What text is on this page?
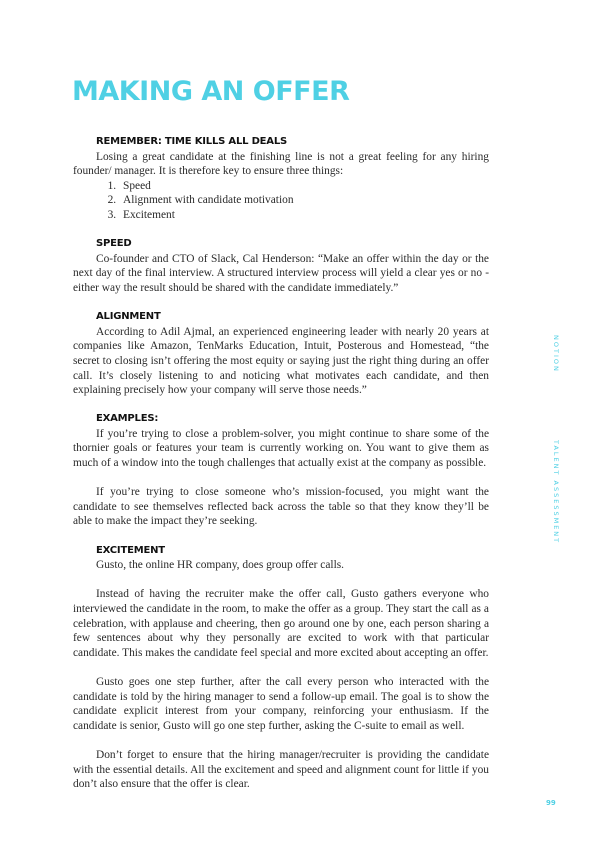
MAKING AN OFFER
REMEMBER: TIME KILLS ALL DEALS

Losing a great candidate at the finishing line is not a great feeling for any hiring founder/ manager. It is therefore key to ensure three things:

1. Speed
2. Alignment with candidate motivation
3. Excitement
SPEED

Co-founder and CTO of Slack, Cal Henderson: “Make an offer within the day or the next day of the final interview. A structured interview process will yield a clear yes or no - either way the result should be shared with the candidate immediately.”

ALIGNMENT

According to Adil Ajmal, an experienced engineering leader with nearly 20 years at companies like Amazon, TenMarks Education, Intuit, Posterous and Homestead, “the secret to closing isn’t offering the most equity or saying just the right thing during an offer call. It’s closely listening to and noticing what motivates each candidate, and then explaining precisely how your company will serve those needs.”

EXAMPLES:

If you’re trying to close a problem-solver, you might continue to share some of the thornier goals or features your team is currently working on. You want to give them as much of a window into the tough challenges that actually exist at the company as possible.

If you’re trying to close someone who’s mission-focused, you might want the candidate to see themselves reflected back across the table so that they know they’ll be able to make the impact they’re seeking.

EXCITEMENT

Gusto, the online HR company, does group offer calls.

Instead of having the recruiter make the offer call, Gusto gathers everyone who interviewed the candidate in the room, to make the offer as a group. They start the call as a celebration, with applause and cheering, then go around one by one, each person sharing a few sentences about why they personally are excited to work with that particular candidate. This makes the candidate feel special and more excited about accepting an offer.

Gusto goes one step further, after the call every person who interacted with the candidate is told by the hiring manager to send a follow-up email. The goal is to show the candidate explicit interest from your company, reinforcing your enthusiasm. If the candidate is senior, Gusto will go one step further, asking the C-suite to email as well.

Don’t forget to ensure that the hiring manager/recruiter is providing the candidate with the essential details. All the excitement and speed and alignment count for little if you don’t also ensure that the offer is clear.

NOTION
TALENT ASSESSMENT
99
